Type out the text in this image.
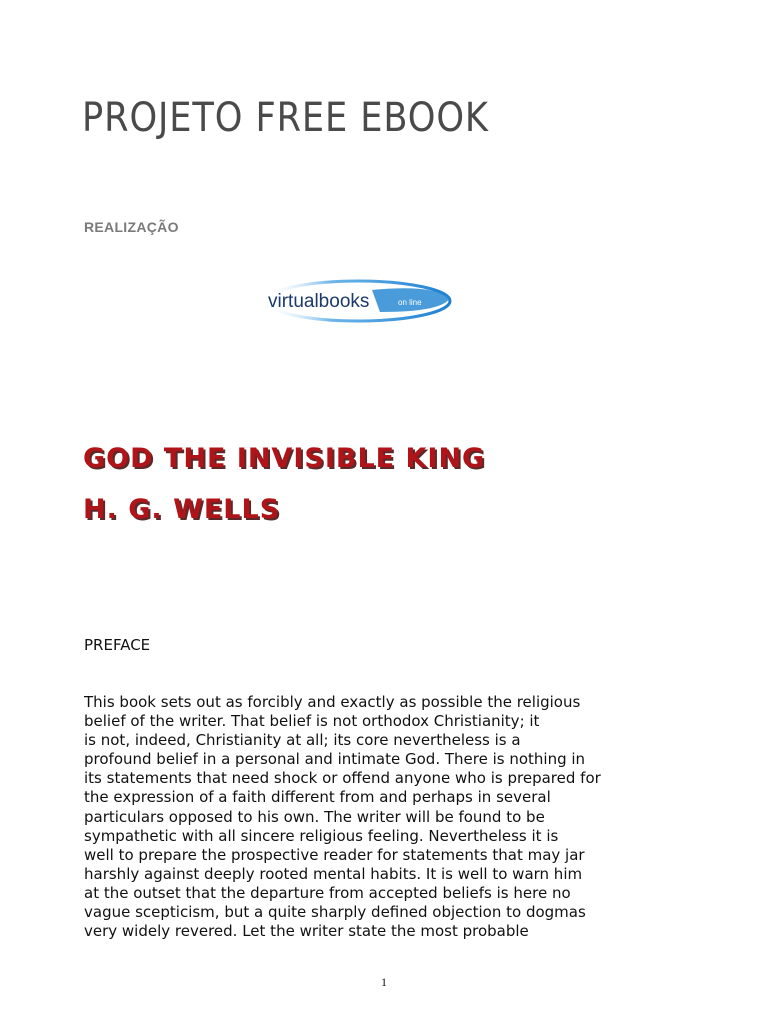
PROJETO FREE EBOOK
REALIZAÇÃO
virtualbooks	on line
GOD THE INVISIBLE KING
H. G. WELLS
PREFACE
This book sets out as forcibly and exactly as possible the religious
belief of the writer. That belief is not orthodox Christianity; it
is not, indeed, Christianity at all; its core nevertheless is a
profound belief in a personal and intimate God. There is nothing in
its statements that need shock or offend anyone who is prepared for
the expression of a faith different from and perhaps in several
particulars opposed to his own. The writer will be found to be
sympathetic with all sincere religious feeling. Nevertheless it is
well to prepare the prospective reader for statements that may jar
harshly against deeply rooted mental habits. It is well to warn him
at the outset that the departure from accepted beliefs is here no
vague scepticism, but a quite sharply defined objection to dogmas
very widely revered. Let the writer state the most probable
1
